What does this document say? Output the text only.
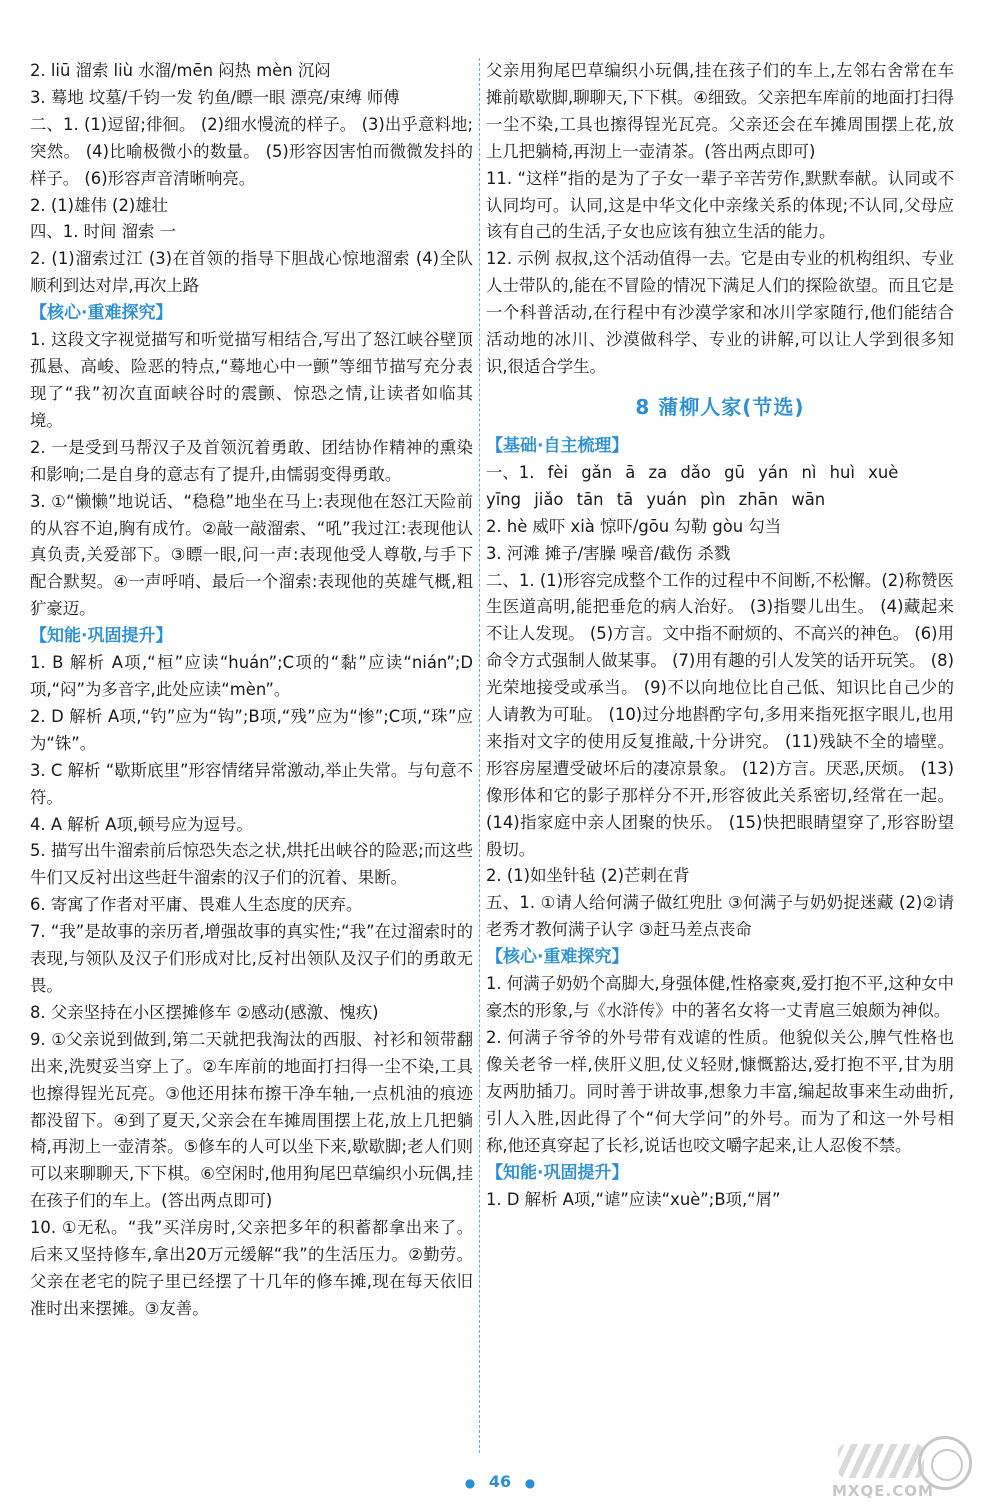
2. liū 溜索 liù 水溜/mēn 闷热 mèn 沉闷
3. 蓦地 坟墓/千钧一发 钓鱼/瞟一眼 漂亮/束缚 师傅
二、1. (1)逗留;徘徊。 (2)细水慢流的样子。 (3)出乎意料地;突然。 (4)比喻极微小的数量。 (5)形容因害怕而微微发抖的样子。 (6)形容声音清晰响亮。
2. (1)雄伟 (2)雄壮
四、1. 时间 溜索 一
2. (1)溜索过江 (3)在首领的指导下胆战心惊地溜索 (4)全队顺利到达对岸,再次上路
【核心·重难探究】
1. 这段文字视觉描写和听觉描写相结合,写出了怒江峡谷壁顶孤悬、高峻、险恶的特点,“蓦地心中一颤”等细节描写充分表现了“我”初次直面峡谷时的震颤、惊恐之情,让读者如临其境。
2. 一是受到马帮汉子及首领沉着勇敢、团结协作精神的熏染和影响;二是自身的意志有了提升,由懦弱变得勇敢。
3. ①“懒懒”地说话、“稳稳”地坐在马上:表现他在怒江天险前的从容不迫,胸有成竹。②敲一敲溜索、“吼”我过江:表现他认真负责,关爱部下。③瞟一眼,问一声:表现他受人尊敬,与手下配合默契。④一声呼哨、最后一个溜索:表现他的英雄气概,粗犷豪迈。
【知能·巩固提升】
1. B 解析 A项,“桓”应读“huán”;C项的“黏”应读“nián”;D项,“闷”为多音字,此处应读“mèn”。
2. D 解析 A项,“钓”应为“钩”;B项,“残”应为“惨”;C项,“珠”应为“铢”。
3. C 解析 “歇斯底里”形容情绪异常激动,举止失常。与句意不符。
4. A 解析 A项,顿号应为逗号。
5. 描写出牛溜索前后惊恐失态之状,烘托出峡谷的险恶;而这些牛们又反衬出这些赶牛溜索的汉子们的沉着、果断。
6. 寄寓了作者对平庸、畏难人生态度的厌弃。
7. “我”是故事的亲历者,增强故事的真实性;“我”在过溜索时的表现,与领队及汉子们形成对比,反衬出领队及汉子们的勇敢无畏。
8. 父亲坚持在小区摆摊修车 ②感动(感激、愧疚)
9. ①父亲说到做到,第二天就把我淘汰的西服、衬衫和领带翻出来,洗熨妥当穿上了。②车库前的地面打扫得一尘不染,工具也擦得锃光瓦亮。③他还用抹布擦干净车轴,一点机油的痕迹都没留下。④到了夏天,父亲会在车摊周围摆上花,放上几把躺椅,再沏上一壶清茶。⑤修车的人可以坐下来,歇歇脚;老人们则可以来聊聊天,下下棋。⑥空闲时,他用狗尾巴草编织小玩偶,挂在孩子们的车上。(答出两点即可)
10. ①无私。“我”买洋房时,父亲把多年的积蓄都拿出来了。后来又坚持修车,拿出20万元缓解“我”的生活压力。②勤劳。父亲在老宅的院子里已经摆了十几年的修车摊,现在每天依旧准时出来摆摊。③友善。
父亲用狗尾巴草编织小玩偶,挂在孩子们的车上,左邻右舍常在车摊前歇歇脚,聊聊天,下下棋。④细致。父亲把车库前的地面打扫得一尘不染,工具也擦得锃光瓦亮。父亲还会在车摊周围摆上花,放上几把躺椅,再沏上一壶清茶。(答出两点即可)
11. “这样”指的是为了子女一辈子辛苦劳作,默默奉献。认同或不认同均可。认同,这是中华文化中亲缘关系的体现;不认同,父母应该有自己的生活,子女也应该有独立生活的能力。
12. 示例 叔叔,这个活动值得一去。它是由专业的机构组织、专业人士带队的,能在不冒险的情况下满足人们的探险欲望。而且它是一个科普活动,在行程中有沙漠学家和冰川学家随行,他们能结合活动地的冰川、沙漠做科学、专业的讲解,可以让人学到很多知识,很适合学生。
8 蒲柳人家(节选)
【基础·自主梳理】
一、1. fèi gǎn ā za dǎo gū yán nì huì xuè
yīng jiǎo tān tā yuán pìn zhān wān
2. hè 威吓 xià 惊吓/gōu 勾勒 gòu 勾当
3. 河滩 摊子/害臊 噪音/截伤 杀戮
二、1. (1)形容完成整个工作的过程中不间断,不松懈。(2)称赞医生医道高明,能把垂危的病人治好。 (3)指婴儿出生。 (4)藏起来不让人发现。 (5)方言。文中指不耐烦的、不高兴的神色。 (6)用命令方式强制人做某事。 (7)用有趣的引人发笑的话开玩笑。 (8)光荣地接受或承当。 (9)不以向地位比自己低、知识比自己少的人请教为可耻。 (10)过分地斟酌字句,多用来指死抠字眼儿,也用来指对文字的使用反复推敲,十分讲究。 (11)残缺不全的墙壁。形容房屋遭受破坏后的凄凉景象。 (12)方言。厌恶,厌烦。 (13)像形体和它的影子那样分不开,形容彼此关系密切,经常在一起。 (14)指家庭中亲人团聚的快乐。 (15)快把眼睛望穿了,形容盼望殷切。
2. (1)如坐针毡 (2)芒刺在背
五、1. ①请人给何满子做红兜肚 ③何满子与奶奶捉迷藏 (2)②请老秀才教何满子认字 ③赶马差点丧命
【核心·重难探究】
1. 何满子奶奶个高脚大,身强体健,性格豪爽,爱打抱不平,这种女中豪杰的形象,与《水浒传》中的著名女将一丈青扈三娘颇为神似。
2. 何满子爷爷的外号带有戏谑的性质。他貌似关公,脾气性格也像关老爷一样,侠肝义胆,仗义轻财,慷慨豁达,爱打抱不平,甘为朋友两肋插刀。同时善于讲故事,想象力丰富,编起故事来生动曲折,引人入胜,因此得了个“何大学问”的外号。而为了和这一外号相称,他还真穿起了长衫,说话也咬文嚼字起来,让人忍俊不禁。
【知能·巩固提升】
1. D 解析 A项,“谑”应读“xuè”;B项,“屑”
● 46 ●	MXQE.COM
